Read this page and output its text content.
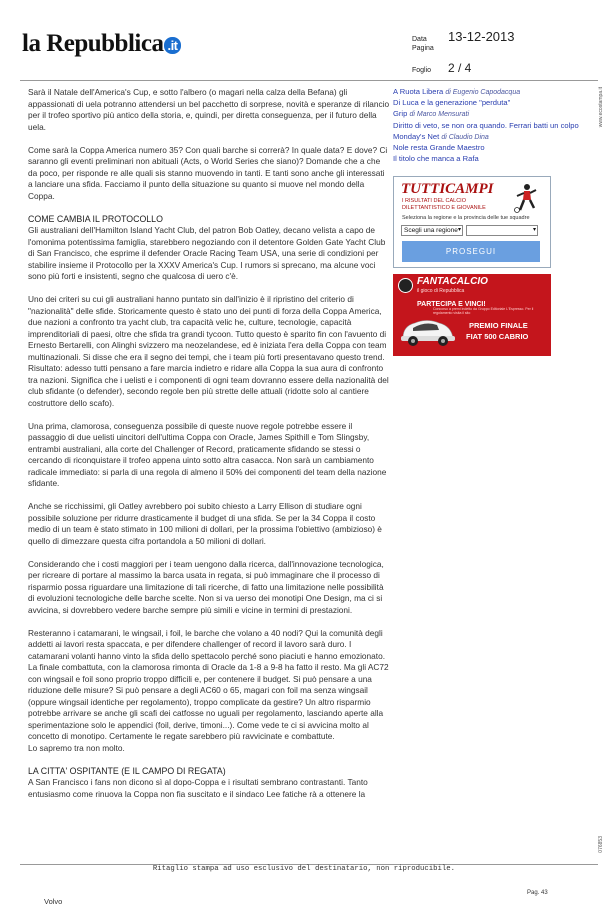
la Repubblica .it	Data	13-12-2013
Pagina
Foglio	2 / 4

Sarà il Natale dell'America's Cup, e sotto l'albero (o magari nella calza della Befana) gli appassionati di uela potranno attendersi un bel pacchetto di sorprese, novità e speranze di rilancio per il trofeo sportivo più antico della storia, e, quindi, per diretta conseguenza, per il futuro della uela.

Come sarà la Coppa America numero 35? Con quali barche si correrà? In quale data? E dove? Ci saranno gli eventi preliminari non abituali (Acts, o World Series che siano)? Domande che a che da poco, per risponde re alle quali sis stanno muovendo in tanti. E tanti sono anche gli interessati a lanciare una sfida. Facciamo il punto della situazione su quanto si muove nel mondo della Coppa.

COME CAMBIA IL PROTOCOLLO

Gli australiani dell'Hamilton Island Yacht Club, del patron Bob Oatley, decano velista a capo de l'omonima potentissima famiglia, starebbero negoziando con il detentore Golden Gate Yacht Club di San Francisco, che esprime il defender Oracle Racing Team USA, una serie di condizioni per stabilire insieme il Protocollo per la XXXV America's Cup. I rumors si sprecano, ma alcune voci sono più forti e insistenti, segno che qualcosa di uero c'è.

Uno dei criteri su cui gli australiani hanno puntato sin dall'inizio è il ripristino del criterio di "nazionalità" delle sfide. Storicamente questo è stato uno dei punti di forza della Coppa America, due nazioni a confronto tra yacht club, tra capacità velic he, culture, tecnologie, capacità imprenditoriali di paesi, oltre che sfida tra grandi tycoon. Tutto questo è sparito fin con l'avuento di Ernesto Bertarelli, con Alinghi svizzero ma neozelandese, ed è iniziata l'era della Coppa con team multinazionali. Si disse che era il segno dei tempi, che i team più forti presentavano questo trend. Risultato: adesso tutti pensano a fare marcia indietro e ridare alla Coppa la sua aura di confronto tra nazioni. Significa che i uelisti e i componenti di ogni team dovranno essere della nazionalità del club sfidante (o defender), secondo regole ben più strette delle attuali (ridotte solo al cantiere costruttore dello scafo).

Una prima, clamorosa, conseguenza possibile di queste nuove regole potrebbe essere il passaggio di due uelisti uincitori dell'ultima Coppa con Oracle, James Spithill e Tom Slingsby, entrambi australiani, alla corte del Challenger of Record, praticamente sfidando se stessi o cercando di riconquistare il trofeo appena uinto sotto altra casacca. Non sarà un cambiamento radicale immediato: si parla di una regola di almeno il 50% dei componenti del team della nazione sfidante.

Anche se ricchissimi, gli Oatley avrebbero poi subito chiesto a Larry Ellison di studiare ogni possibile soluzione per ridurre drasticamente il budget di una sfida. Se per la 34 Coppa il costo medio di un team è stato stimato in 100 milioni di dollari, per la prossima l'obiettivo (ambizioso) è quello di dimezzare questa cifra portandola a 50 milioni di dollari.

Considerando che i costi maggiori per i team uengono dalla ricerca, dall'innovazione tecnologica, per ricreare di portare al massimo la barca usata in regata, si può immaginare che il processo di risparmio possa riguardare una limitazione di tali ricerche, di fatto una limitazione nelle possibilità di evoluzioni tecnologiche delle barche scelte. Non si va uerso dei monotipi One Design, ma ci si avvicina, si dovrebbero vedere barche sempre più simili e vicine in termini di prestazioni.

Resteranno i catamarani, le wingsail, i foil, le barche che volano a 40 nodi? Qui la comunità degli addetti ai lavori resta spaccata, e per difendere challenger of record il lavoro sarà duro. I catamarani volanti hanno vinto la sfida dello spettacolo perché sono piaciuti e hanno emozionato. La finale combattuta, con la clamorosa rimonta di Oracle da 1-8 a 9-8 ha fatto il resto. Ma gli AC72 con wingsail e foil sono proprio troppo difficili e, per contenere il budget. Si può pensare a una riduzione delle misure? Si può pensare a degli AC60 o 65, magari con foil ma senza wingsail (oppure wingsail identiche per regolamento), troppo complicate da gestire? Un altro risparmio potrebbe arrivare se anche gli scafi dei catfosse no uguali per regolamento, lasciando aperte alla sperimentazione solo le appendici (foil, derive, timoni...). Come vede te ci si avvicina molto al concetto di monotipo. Certamente le regate sarebbero più ravvicinate e combattute.

Lo sapremo tra non molto.

LA CITTA' OSPITANTE (E IL CAMPO DI REGATA)

A San Francisco i fans non dicono sì al dopo-Coppa e i risultati sembrano contrastanti. Tanto entusiasmo come rinuova la Coppa non fia suscitato e il sindaco Lee fatiche rà a ottenere la

A Ruota Libera di Eugenio Capodacqua
Di Luca e la generazione "perduta"
Grip di Marco Mensurati
Diritto di veto, se non ora quando. Ferrari batti un colpo
Monday's Net di Claudio Dina
Nole resta Grande Maestro
Il titolo che manca a Rafa
TUTTICAMPI
I RISULTATI DEL CALCIO
DILETTANTISTICO E GIOVANILE
Seleziona la regione e la provincia delle tue squadre
Scegli una regione ▾	▾
PROSEGUI
FANTACALCIO
il gioco di Repubblica
PARTECIPA E VINCI!
Concorso a premi indetto da Gruppo Editoriale L'Espresso. Per il regolamento visita il sito
PREMIO FINALE
FIAT 500 CABRIO
www.ecostampa.it
076853
Ritaglio stampa ad uso esclusivo del destinatario, non riproducibile.
Volvo
Pag. 43
